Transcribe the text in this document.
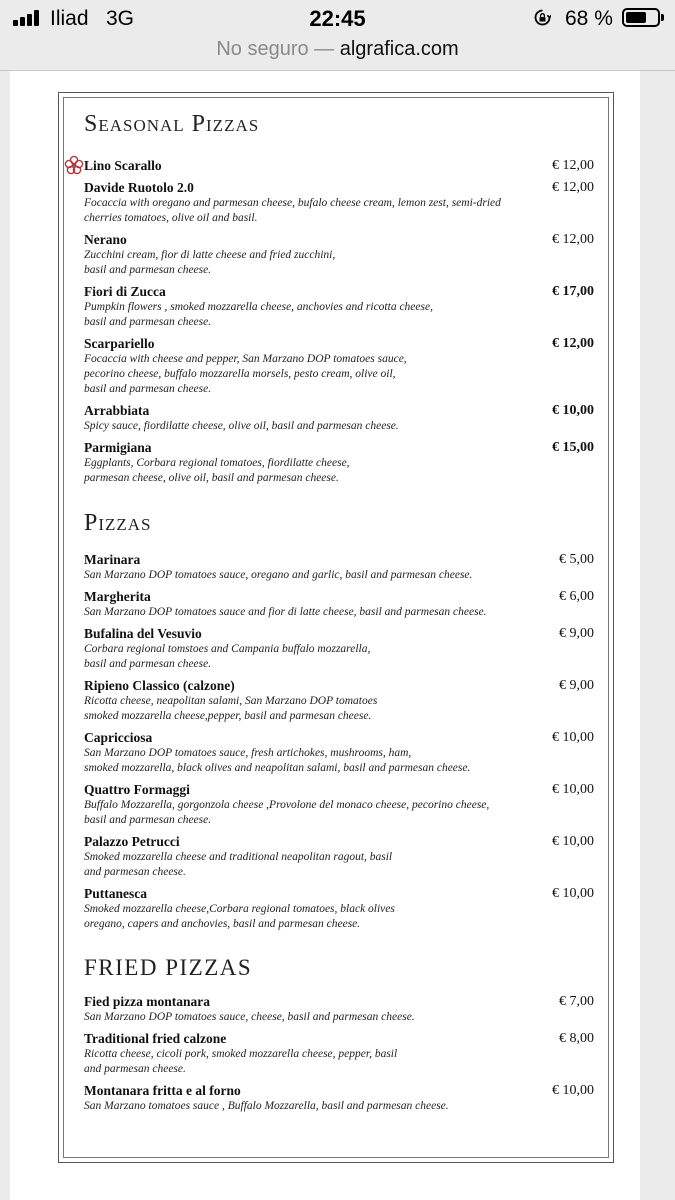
Iliad 3G	22:45	68 %
No seguro — algrafica.com
Seasonal Pizzas
Lino Scarallo	€ 12,00
Davide Ruotolo 2.0	€ 12,00
Focaccia with oregano and parmesan cheese, bufalo cheese cream, lemon zest, semi-dried
cherries tomatoes, olive oil and basil.
Nerano	€ 12,00
Zucchini cream, fior di latte cheese and fried zucchini,
basil and parmesan cheese.
Fiori di Zucca	€ 17,00
Pumpkin flowers , smoked mozzarella cheese, anchovies and ricotta cheese,
basil and parmesan cheese.
Scarpariello	€ 12,00
Focaccia with cheese and pepper, San Marzano DOP tomatoes sauce,
pecorino cheese, buffalo mozzarella morsels, pesto cream, olive oil,
basil and parmesan cheese.
Arrabbiata	€ 10,00
Spicy sauce, fiordilatte cheese, olive oil, basil and parmesan cheese.
Parmigiana	€ 15,00
Eggplants, Corbara regional tomatoes, fiordilatte cheese,
parmesan cheese, olive oil, basil and parmesan cheese.
Pizzas
Marinara	€ 5,00
San Marzano DOP tomatoes sauce, oregano and garlic, basil and parmesan cheese.
Margherita	€ 6,00
San Marzano DOP tomatoes sauce and fior di latte cheese, basil and parmesan cheese.
Bufalina del Vesuvio	€ 9,00
Corbara regional tomstoes and Campania buffalo mozzarella,
basil and parmesan cheese.
Ripieno Classico (calzone)	€ 9,00
Ricotta cheese, neapolitan salami, San Marzano DOP tomatoes
smoked mozzarella cheese,pepper, basil and parmesan cheese.
Capricciosa	€ 10,00
San Marzano DOP tomatoes sauce, fresh artichokes, mushrooms, ham,
smoked mozzarella, black olives and neapolitan salami, basil and parmesan cheese.
Quattro Formaggi	€ 10,00
Buffalo Mozzarella, gorgonzola cheese ,Provolone del monaco cheese, pecorino cheese,
basil and parmesan cheese.
Palazzo Petrucci	€ 10,00
Smoked mozzarella cheese and traditional neapolitan ragout, basil
and parmesan cheese.
Puttanesca	€ 10,00
Smoked mozzarella cheese,Corbara regional tomatoes, black olives
oregano, capers and anchovies, basil and parmesan cheese.
FRIED PIZZAS
Fied pizza montanara	€ 7,00
San Marzano DOP tomatoes sauce, cheese, basil and parmesan cheese.
Traditional fried calzone	€ 8,00
Ricotta cheese, cicoli pork, smoked mozzarella cheese, pepper, basil
and parmesan cheese.
Montanara fritta e al forno	€ 10,00
San Marzano tomatoes sauce , Buffalo Mozzarella, basil and parmesan cheese.
